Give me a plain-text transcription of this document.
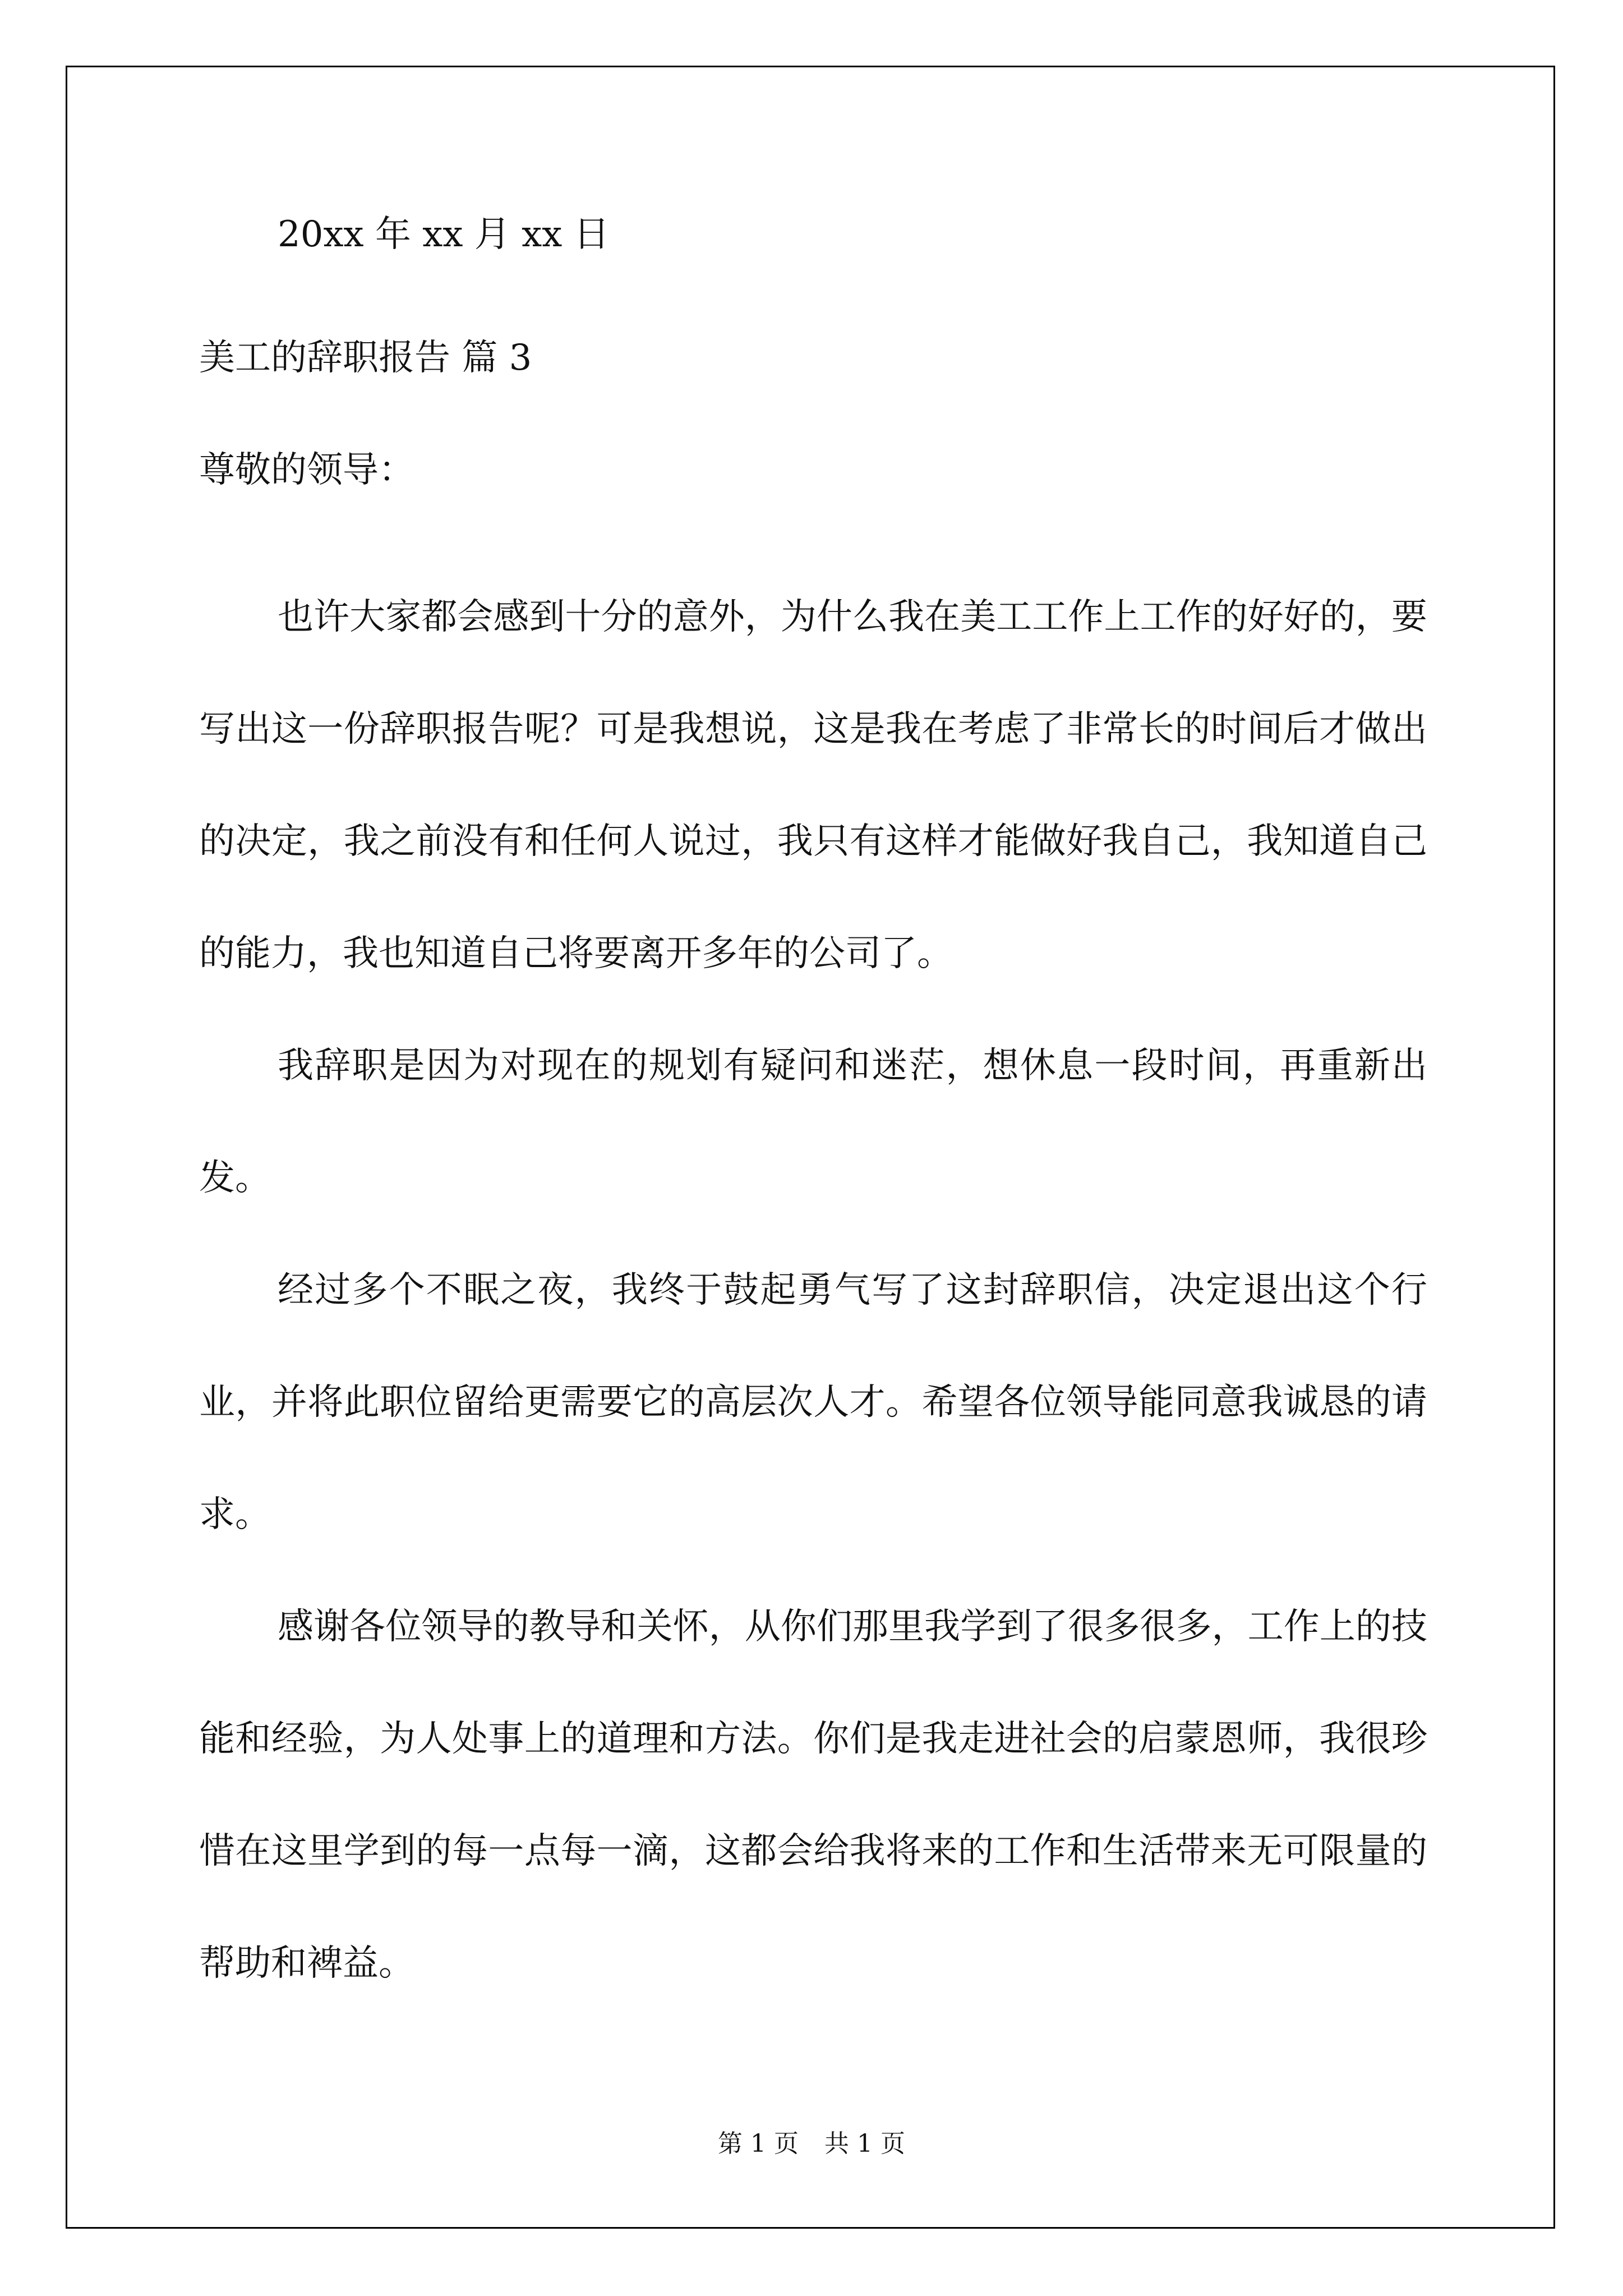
20xx 年 xx 月 xx 日
美工的辞职报告 篇 3
尊敬的领导：

也许大家都会感到十分的意外，为什么我在美工工作上工作的好好的，要写出这一份辞职报告呢？可是我想说，这是我在考虑了非常长的时间后才做出的决定，我之前没有和任何人说过，我只有这样才能做好我自己，我知道自己的能力，我也知道自己将要离开多年的公司了。

我辞职是因为对现在的规划有疑问和迷茫，想休息一段时间，再重新出发。

经过多个不眠之夜，我终于鼓起勇气写了这封辞职信，决定退出这个行业，并将此职位留给更需要它的高层次人才。希望各位领导能同意我诚恳的请求。

感谢各位领导的教导和关怀，从你们那里我学到了很多很多，工作上的技能和经验，为人处事上的道理和方法。你们是我走进社会的启蒙恩师，我很珍惜在这里学到的每一点每一滴，这都会给我将来的工作和生活带来无可限量的帮助和裨益。

第 1 页 共 1 页
